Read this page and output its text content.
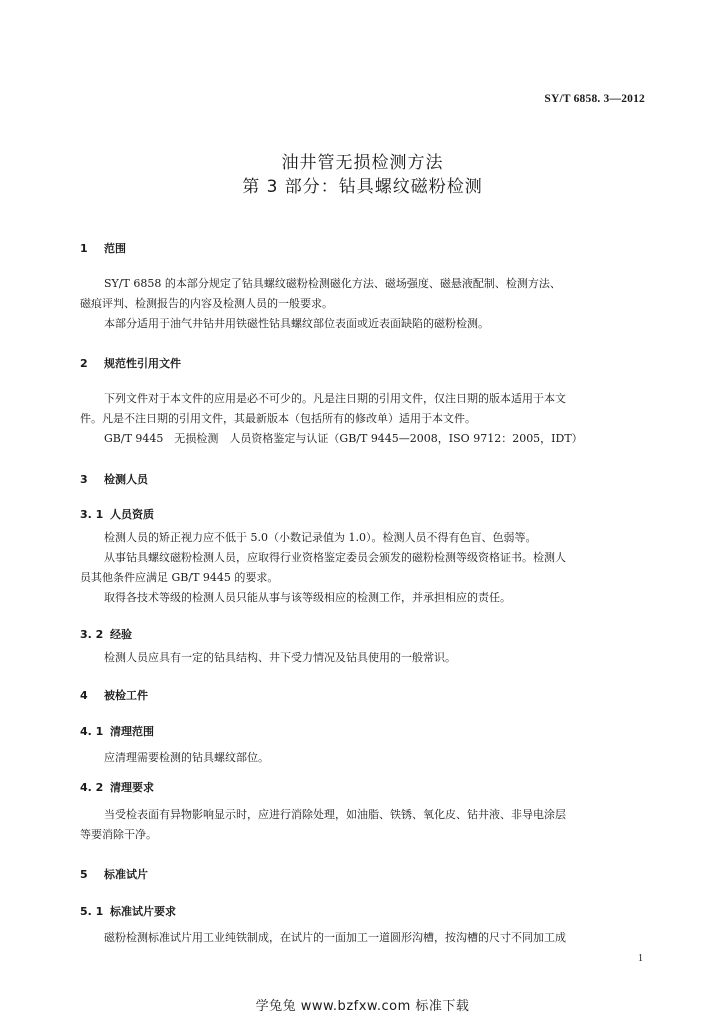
SY/T 6858. 3—2012
油井管无损检测方法
第 3 部分：钻具螺纹磁粉检测
1 范围
SY/T 6858 的本部分规定了钻具螺纹磁粉检测磁化方法、磁场强度、磁悬液配制、检测方法、
磁痕评判、检测报告的内容及检测人员的一般要求。
本部分适用于油气井钻井用铁磁性钻具螺纹部位表面或近表面缺陷的磁粉检测。
2 规范性引用文件
下列文件对于本文件的应用是必不可少的。凡是注日期的引用文件，仅注日期的版本适用于本文
件。凡是不注日期的引用文件，其最新版本（包括所有的修改单）适用于本文件。
GB/T 9445　无损检测　人员资格鉴定与认证（GB/T 9445—2008，ISO 9712：2005，IDT）
3 检测人员
3. 1 人员资质
检测人员的矫正视力应不低于 5.0（小数记录值为 1.0）。检测人员不得有色盲、色弱等。
从事钻具螺纹磁粉检测人员，应取得行业资格鉴定委员会颁发的磁粉检测等级资格证书。检测人
员其他条件应满足 GB/T 9445 的要求。
取得各技术等级的检测人员只能从事与该等级相应的检测工作，并承担相应的责任。
3. 2 经验
检测人员应具有一定的钻具结构、井下受力情况及钻具使用的一般常识。
4 被检工件
4. 1 清理范围
应清理需要检测的钻具螺纹部位。
4. 2 清理要求
当受检表面有异物影响显示时，应进行消除处理，如油脂、铁锈、氧化皮、钻井液、非导电涂层
等要消除干净。
5 标准试片
5. 1 标准试片要求
磁粉检测标准试片用工业纯铁制成，在试片的一面加工一道圆形沟槽，按沟槽的尺寸不同加工成
1
学兔兔 www.bzfxw.com 标准下载
